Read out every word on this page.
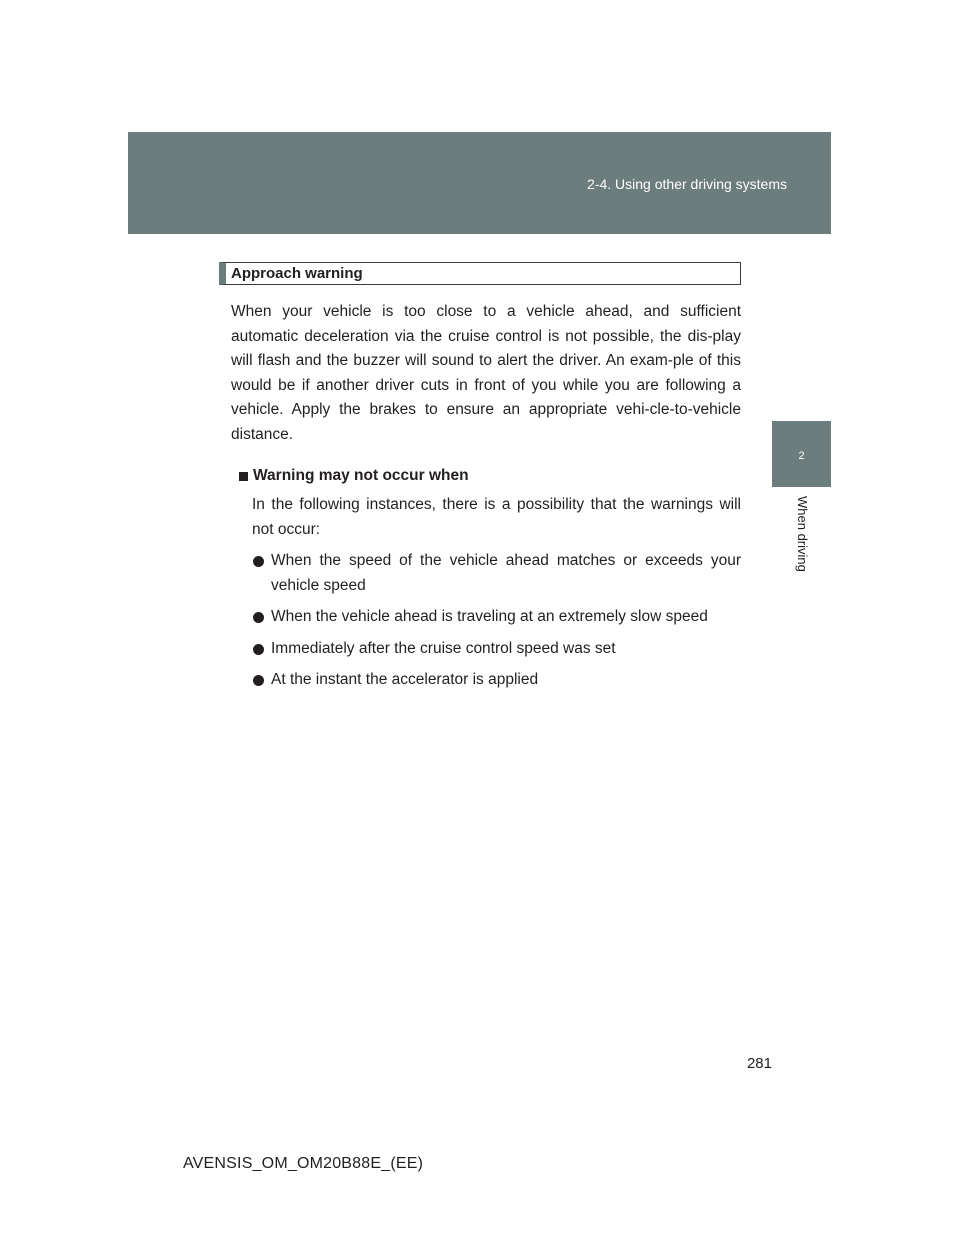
2-4. Using other driving systems
2
When driving
Approach warning

When your vehicle is too close to a vehicle ahead, and sufficient automatic deceleration via the cruise control is not possible, the dis-play will flash and the buzzer will sound to alert the driver. An exam-ple of this would be if another driver cuts in front of you while you are following a vehicle. Apply the brakes to ensure an appropriate vehi-cle-to-vehicle distance.

Warning may not occur when

In the following instances, there is a possibility that the warnings will not occur:

When the speed of the vehicle ahead matches or exceeds your vehicle speed
When the vehicle ahead is traveling at an extremely slow speed
Immediately after the cruise control speed was set
At the instant the accelerator is applied
281
AVENSIS_OM_OM20B88E_(EE)
